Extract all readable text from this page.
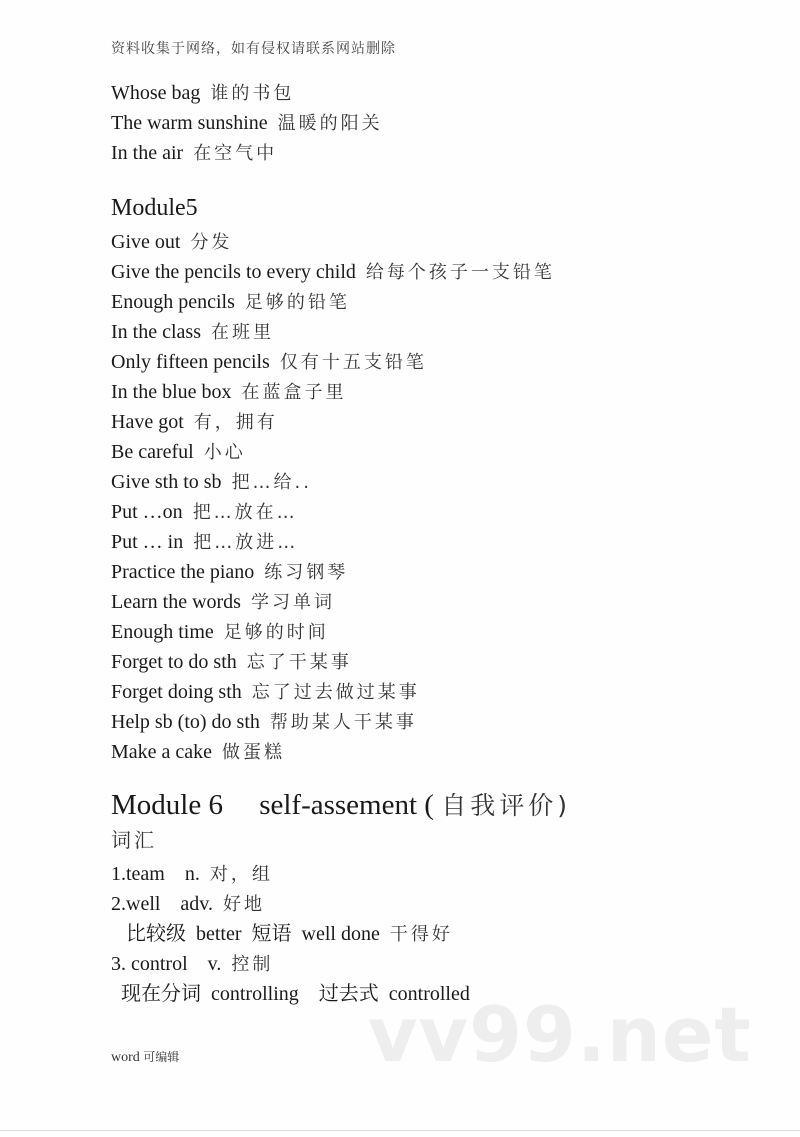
资料收集于网络，如有侵权请联系网站删除
Whose bag 谁的书包
The warm sunshine 温暖的阳关
In the air 在空气中
Module5
Give out 分发
Give the pencils to every child 给每个孩子一支铅笔
Enough pencils 足够的铅笔
In the class 在班里
Only fifteen pencils 仅有十五支铅笔
In the blue box 在蓝盒子里
Have got 有，拥有
Be careful 小心
Give sth to sb 把…给..
Put …on 把…放在…
Put … in 把…放进…
Practice the piano 练习钢琴
Learn the words 学习单词
Enough time 足够的时间
Forget to do sth 忘了干某事
Forget doing sth 忘了过去做过某事
Help sb (to) do sth 帮助某人干某事
Make a cake 做蛋糕
Module 6     self-assement ( 自我评价)
词汇
1.team    n. 对，组
2.well    adv. 好地
比较级  better  短语  well done 干得好
3. control    v. 控制
现在分词  controlling    过去式  controlled
vv99.net
word 可编辑
